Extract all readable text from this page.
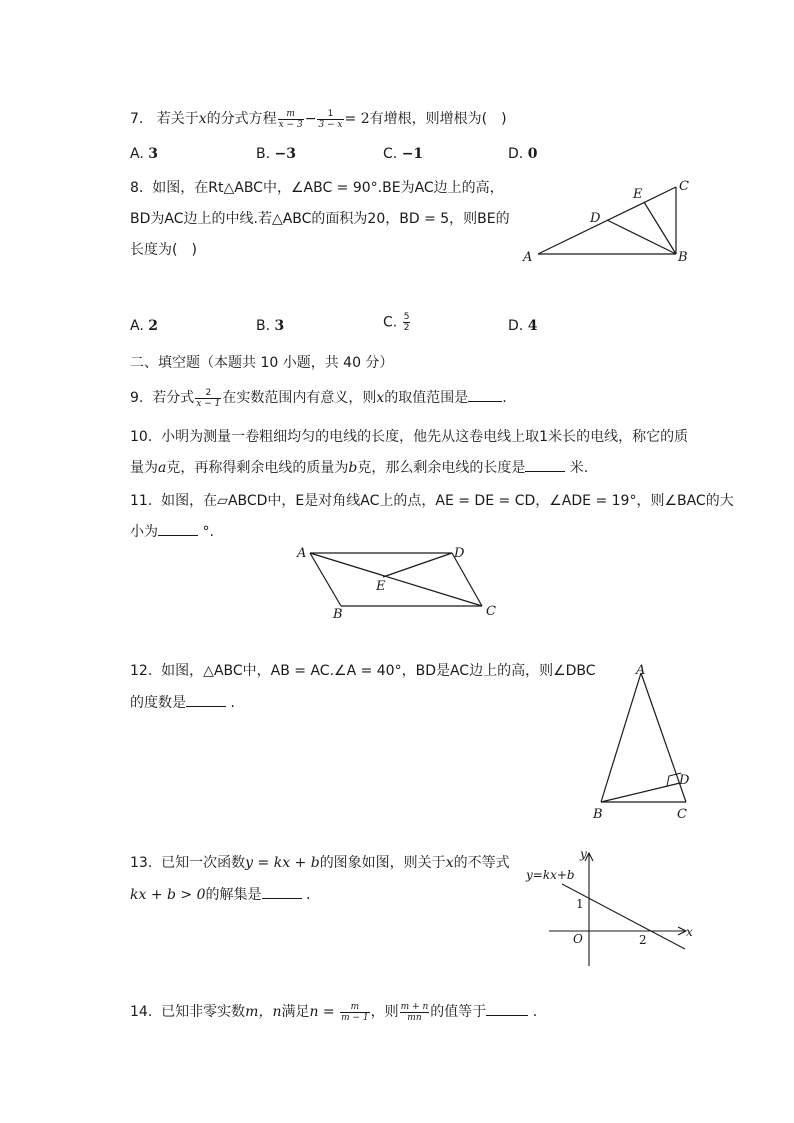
7. 若关于x的分式方程 $\frac{m}{x - 3} - \frac{1}{3 - x} = 2$有增根，则增根为(　)
A. 3	B. −3	C. −1	D. 0
8. 如图，在Rt△ABC中，∠ABC = 90°.BE为AC边上的高，
BD为AC边上的中线.若△ABC的面积为20，BD = 5，则BE的
长度为(　)	A	B
C
D
E
A. 2	B. 3	C. $\frac{5}{2}$	D. 4
二、填空题（本题共 10 小题，共 40 分）
9. 若分式 $\frac{2}{x - 1}$ 在实数范围内有意义，则x的取值范围是 .
10. 小明为测量一卷粗细均匀的电线的长度，他先从这卷电线上取1米长的电线，称它的质
量为a克，再称得剩余电线的质量为b克，那么剩余电线的长度是	米.
11. 如图，在▱ABCD中，E是对角线AC上的点，AE = DE = CD，∠ADE = 19°，则∠BAC的大
小为	°.
A	D
B	C
E
12. 如图，△ABC中，AB = AC.∠A = 40°，BD是AC边上的高，则∠DBC
的度数是	.
A
B	C
D
13. 已知一次函数y = kx + b的图象如图，则关于x的不等式
kx + b > 0的解集是	.
y
x
y=kx+b
O
1
2
14. 已知非零实数m，n满足$n = \frac{m}{m - 1}$ ，则 $\frac{m + n}{mn}$ 的值等于	.
